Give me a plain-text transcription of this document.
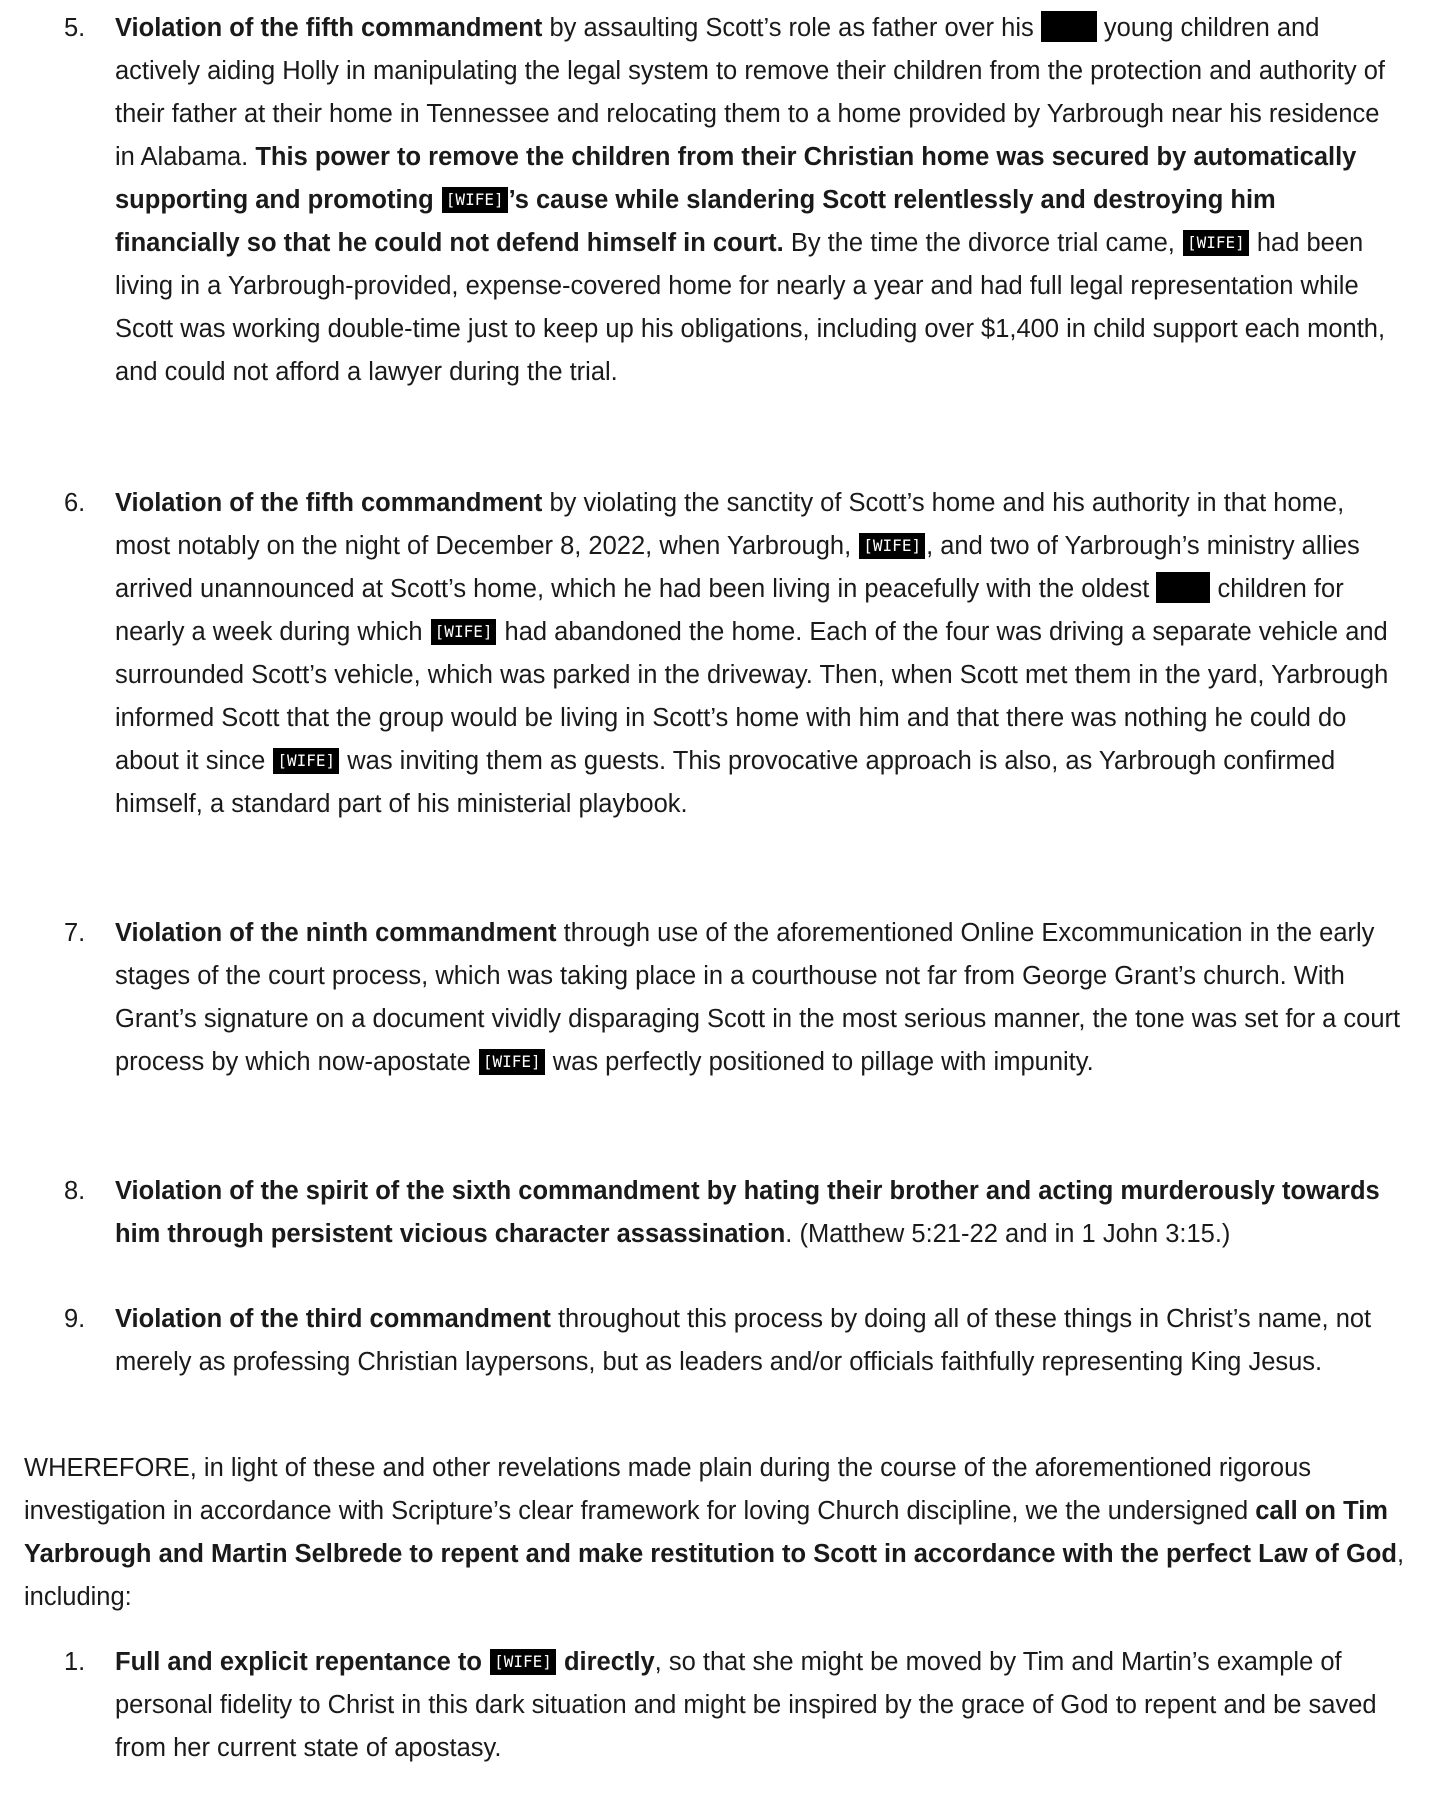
5. Violation of the fifth commandment by assaulting Scott’s role as father over his  young children and actively aiding Holly in manipulating the legal system to remove their children from the protection and authority of their father at their home in Tennessee and relocating them to a home provided by Yarbrough near his residence in Alabama. This power to remove the children from their Christian home was secured by automatically supporting and promoting [WIFE] ’s cause while slandering Scott relentlessly and destroying him financially so that he could not defend himself in court. By the time the divorce trial came, [WIFE] had been living in a Yarbrough-provided, expense-covered home for nearly a year and had full legal representation while Scott was working double-time just to keep up his obligations, including over $1,400 in child support each month, and could not afford a lawyer during the trial.
6. Violation of the fifth commandment by violating the sanctity of Scott’s home and his authority in that home, most notably on the night of December 8, 2022, when Yarbrough, [WIFE] , and two of Yarbrough’s ministry allies arrived unannounced at Scott’s home, which he had been living in peacefully with the oldest  children for nearly a week during which [WIFE] had abandoned the home. Each of the four was driving a separate vehicle and surrounded Scott’s vehicle, which was parked in the driveway. Then, when Scott met them in the yard, Yarbrough informed Scott that the group would be living in Scott’s home with him and that there was nothing he could do about it since [WIFE] was inviting them as guests. This provocative approach is also, as Yarbrough confirmed himself, a standard part of his ministerial playbook.
7. Violation of the ninth commandment through use of the aforementioned Online Excommunication in the early stages of the court process, which was taking place in a courthouse not far from George Grant’s church. With Grant’s signature on a document vividly disparaging Scott in the most serious manner, the tone was set for a court process by which now-apostate [WIFE] was perfectly positioned to pillage with impunity.
8. Violation of the spirit of the sixth commandment by hating their brother and acting murderously towards him through persistent vicious character assassination. (Matthew 5:21-22 and in 1 John 3:15.)
9. Violation of the third commandment throughout this process by doing all of these things in Christ’s name, not merely as professing Christian laypersons, but as leaders and/or officials faithfully representing King Jesus.
WHEREFORE, in light of these and other revelations made plain during the course of the aforementioned rigorous investigation in accordance with Scripture’s clear framework for loving Church discipline, we the undersigned call on Tim Yarbrough and Martin Selbrede to repent and make restitution to Scott in accordance with the perfect Law of God, including:
1. Full and explicit repentance to [WIFE] directly, so that she might be moved by Tim and Martin’s example of personal fidelity to Christ in this dark situation and might be inspired by the grace of God to repent and be saved from her current state of apostasy.
